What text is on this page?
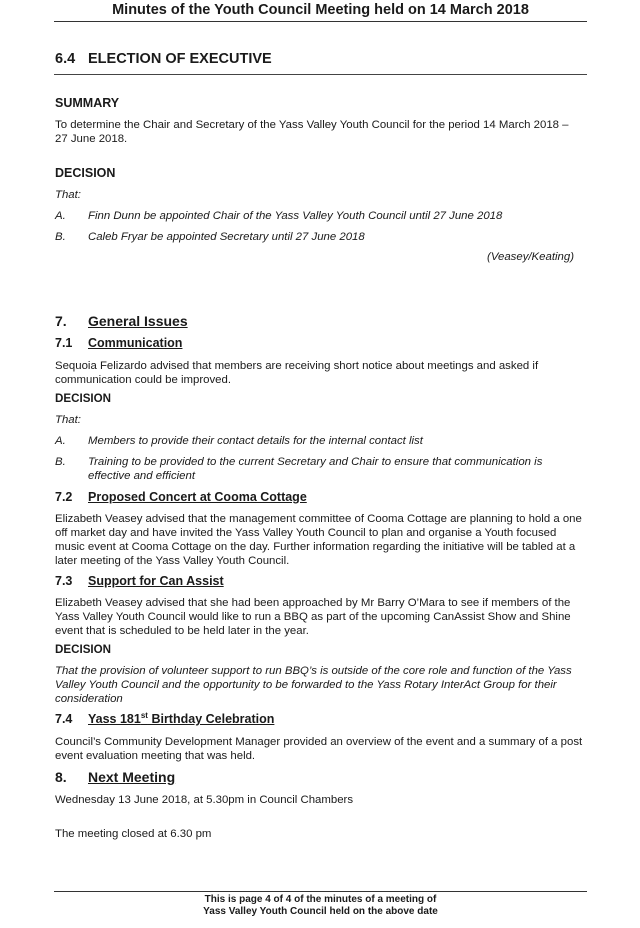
Minutes of the Youth Council Meeting held on 14 March 2018
6.4 ELECTION OF EXECUTIVE
SUMMARY
To determine the Chair and Secretary of the Yass Valley Youth Council for the period 14 March 2018 – 27 June 2018.
DECISION
That:
A.	Finn Dunn be appointed Chair of the Yass Valley Youth Council until 27 June 2018
B.	Caleb Fryar be appointed Secretary until 27 June 2018
(Veasey/Keating)
7. General Issues
7.1 Communication
Sequoia Felizardo advised that members are receiving short notice about meetings and asked if communication could be improved.
DECISION
That:
A.	Members to provide their contact details for the internal contact list
B.	Training to be provided to the current Secretary and Chair to ensure that communication is effective and efficient
7.2 Proposed Concert at Cooma Cottage
Elizabeth Veasey advised that the management committee of Cooma Cottage are planning to hold a one off market day and have invited the Yass Valley Youth Council to plan and organise a Youth focused music event at Cooma Cottage on the day. Further information regarding the initiative will be tabled at a later meeting of the Yass Valley Youth Council.
7.3 Support for Can Assist
Elizabeth Veasey advised that she had been approached by Mr Barry O’Mara to see if members of the Yass Valley Youth Council would like to run a BBQ as part of the upcoming CanAssist Show and Shine event that is scheduled to be held later in the year.
DECISION
That the provision of volunteer support to run BBQ’s is outside of the core role and function of the Yass Valley Youth Council and the opportunity to be forwarded to the Yass Rotary InterAct Group for their consideration
7.4 Yass 181st Birthday Celebration
Council’s Community Development Manager provided an overview of the event and a summary of a post event evaluation meeting that was held.
8. Next Meeting
Wednesday 13 June 2018, at 5.30pm in Council Chambers
The meeting closed at 6.30 pm
This is page 4 of 4 of the minutes of a meeting of
Yass Valley Youth Council held on the above date
